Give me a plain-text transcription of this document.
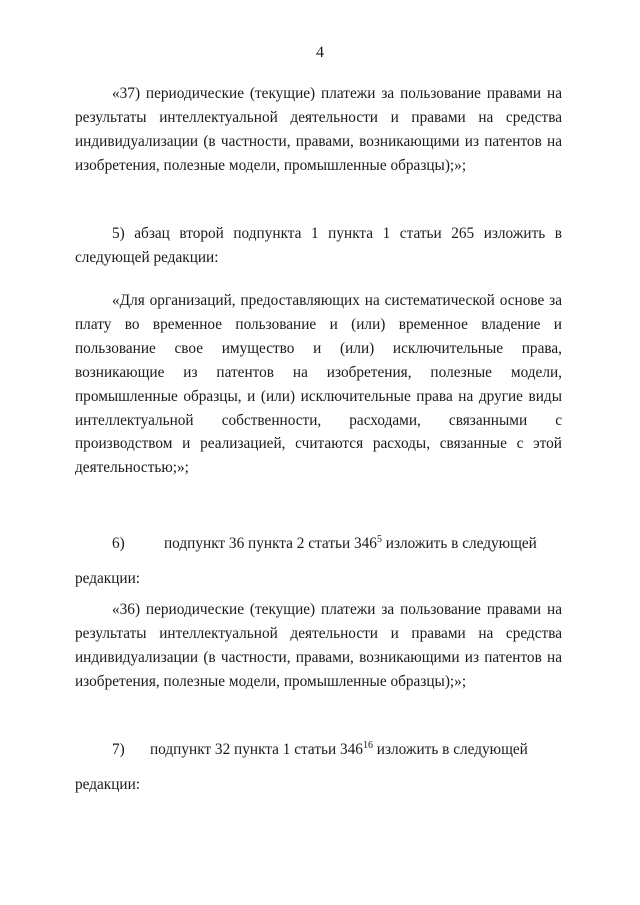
4

«37) периодические (текущие) платежи за пользование правами на результаты интеллектуальной деятельности и правами на средства индивидуализации (в частности, правами, возникающими из патентов на изобретения, полезные модели, промышленные образцы);»;

5) абзац второй подпункта 1 пункта 1 статьи 265 изложить в следующей редакции:

«Для организаций, предоставляющих на систематической основе за плату во временное пользование и (или) временное владение и пользование свое имущество и (или) исключительные права, возникающие из патентов на изобретения, полезные модели, промышленные образцы, и (или) исключительные права на другие виды интеллектуальной собственности, расходами, связанными с производством и реализацией, считаются расходы, связанные с этой деятельностью;»;

6)	подпункт 36 пункта 2 статьи $346^5$ изложить в следующей
редакции:

«36) периодические (текущие) платежи за пользование правами на результаты интеллектуальной деятельности и правами на средства индивидуализации (в частности, правами, возникающими из патентов на изобретения, полезные модели, промышленные образцы);»;

7) подпункт 32 пункта 1 статьи $346^{16}$ изложить в следующей
редакции:
